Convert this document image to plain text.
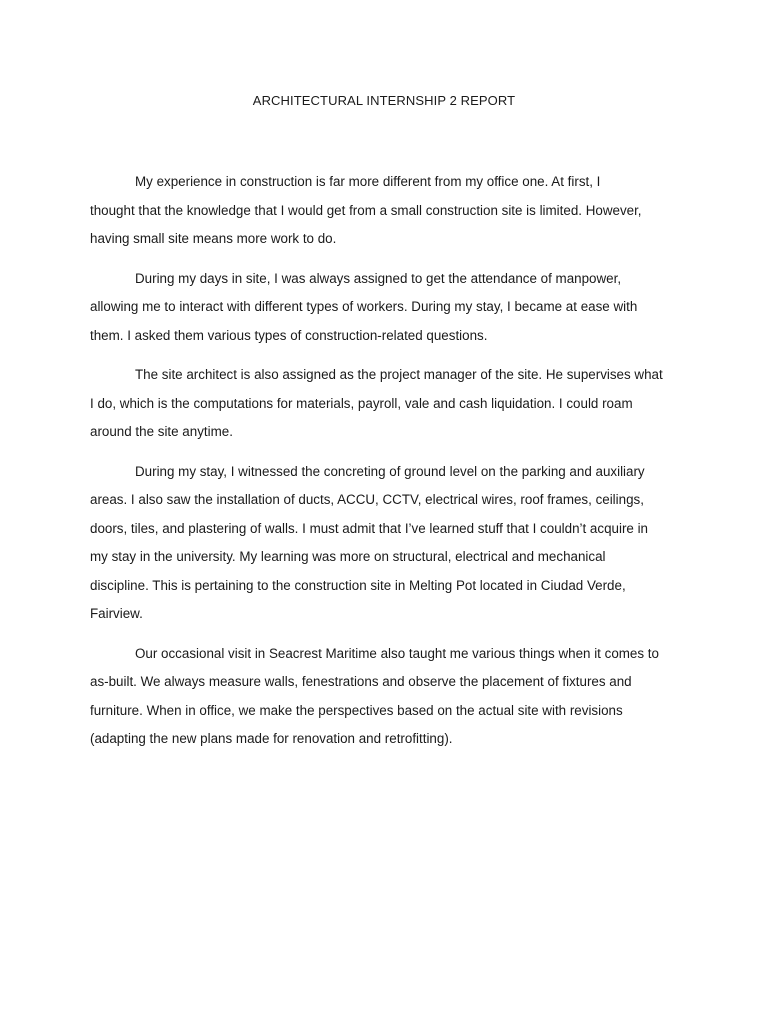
ARCHITECTURAL INTERNSHIP 2 REPORT

My experience in construction is far more different from my office one. At first, I
thought that the knowledge that I would get from a small construction site is limited. However,
having small site means more work to do.

During my days in site, I was always assigned to get the attendance of manpower,
allowing me to interact with different types of workers. During my stay, I became at ease with
them. I asked them various types of construction-related questions.

The site architect is also assigned as the project manager of the site. He supervises what
I do, which is the computations for materials, payroll, vale and cash liquidation. I could roam
around the site anytime.

During my stay, I witnessed the concreting of ground level on the parking and auxiliary
areas. I also saw the installation of ducts, ACCU, CCTV, electrical wires, roof frames, ceilings,
doors, tiles, and plastering of walls. I must admit that I’ve learned stuff that I couldn’t acquire in
my stay in the university. My learning was more on structural, electrical and mechanical
discipline. This is pertaining to the construction site in Melting Pot located in Ciudad Verde,
Fairview.

Our occasional visit in Seacrest Maritime also taught me various things when it comes to
as-built. We always measure walls, fenestrations and observe the placement of fixtures and
furniture. When in office, we make the perspectives based on the actual site with revisions
(adapting the new plans made for renovation and retrofitting).
